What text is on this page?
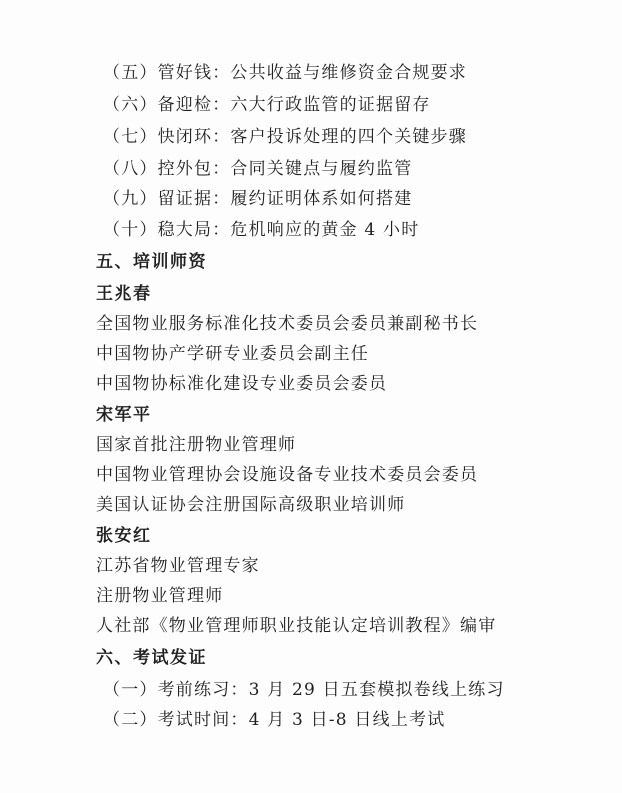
（五）管好钱：公共收益与维修资金合规要求
（六）备迎检：六大行政监管的证据留存
（七）快闭环：客户投诉处理的四个关键步骤
（八）控外包：合同关键点与履约监管
（九）留证据：履约证明体系如何搭建
（十）稳大局：危机响应的黄金 4 小时
五、培训师资
王兆春
全国物业服务标准化技术委员会委员兼副秘书长
中国物协产学研专业委员会副主任
中国物协标准化建设专业委员会委员
宋军平
国家首批注册物业管理师
中国物业管理协会设施设备专业技术委员会委员
美国认证协会注册国际高级职业培训师
张安红
江苏省物业管理专家
注册物业管理师
人社部《物业管理师职业技能认定培训教程》编审
六、考试发证
（一）考前练习：3 月 29 日五套模拟卷线上练习
（二）考试时间：4 月 3 日-8 日线上考试
